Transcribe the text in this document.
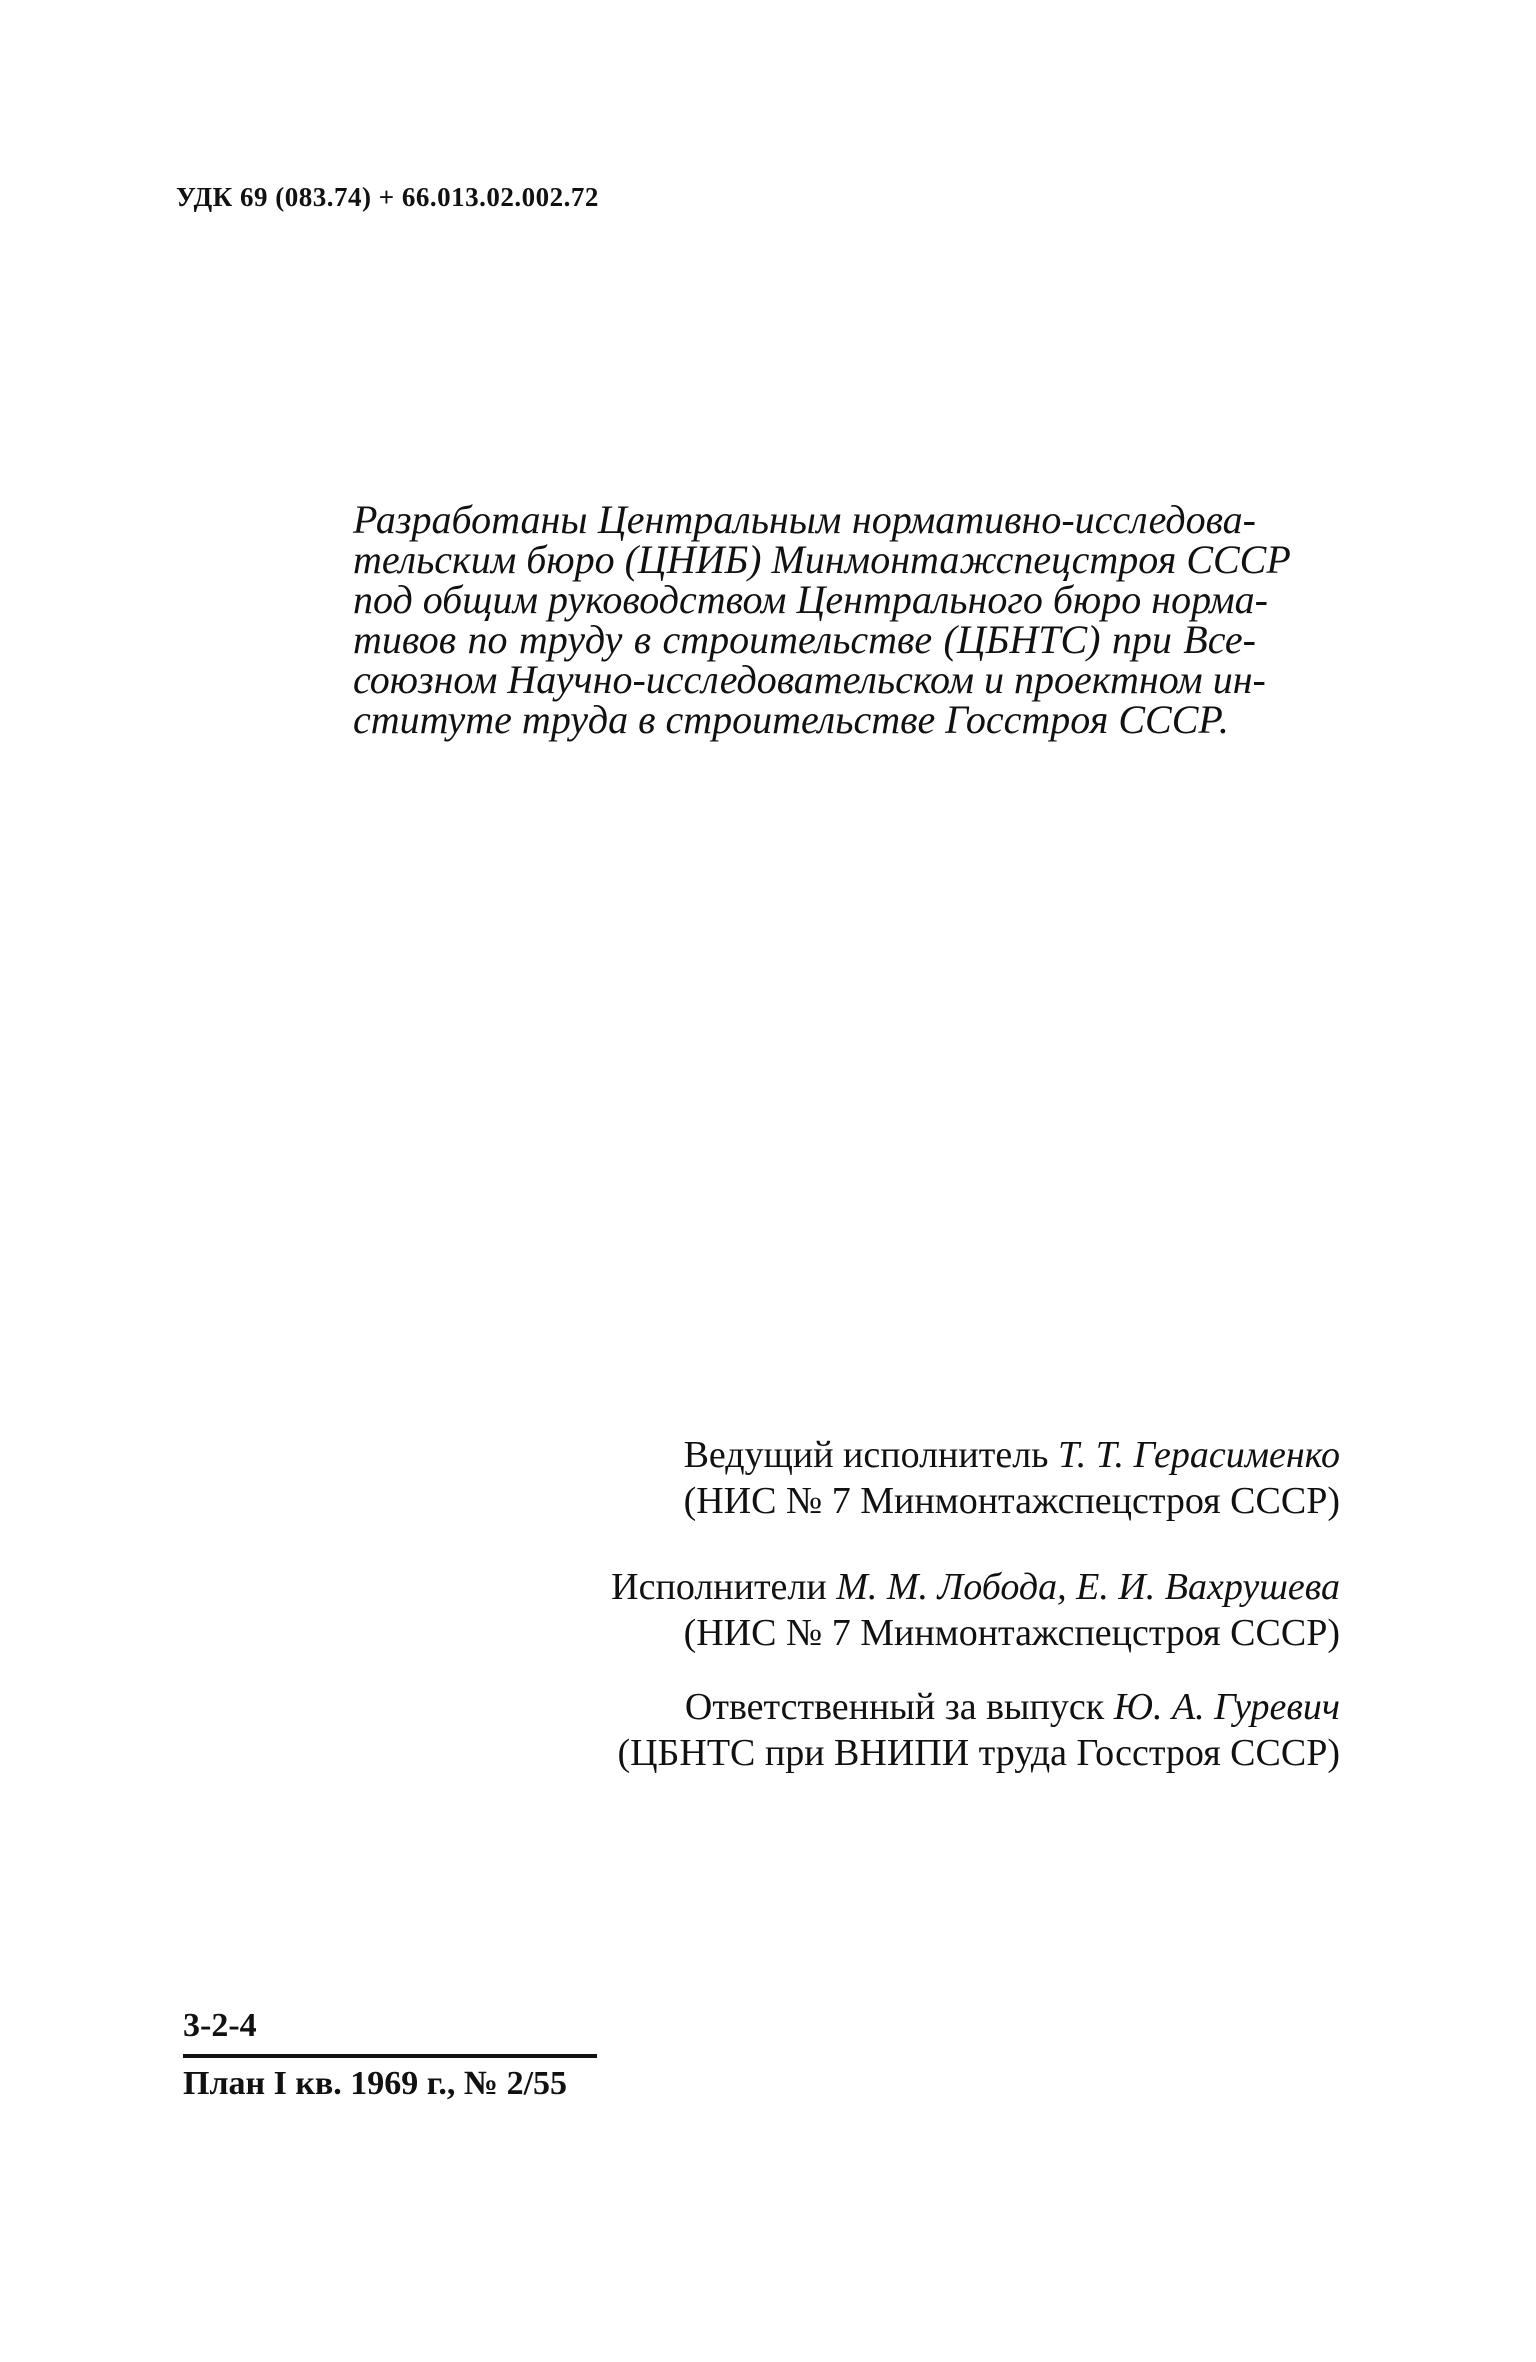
УДК 69 (083.74) + 66.013.02.002.72
Разработаны Центральным нормативно-исследова-
тельским бюро (ЦНИБ) Минмонтажспецстроя СССР
под общим руководством Центрального бюро норма-
тивов по труду в строительстве (ЦБНТС) при Все-
союзном Научно-исследовательском и проектном ин-
ституте труда в строительстве Госстроя СССР.
Ведущий исполнитель Т. Т. Герасименко
(НИС № 7 Минмонтажспецстроя СССР)
Исполнители М. М. Лобода, Е. И. Вахрушева
(НИС № 7 Минмонтажспецстроя СССР)
Ответственный за выпуск Ю. А. Гуревич
(ЦБНТС при ВНИПИ труда Госстроя СССР)
3-2-4
План I кв. 1969 г., № 2/55
